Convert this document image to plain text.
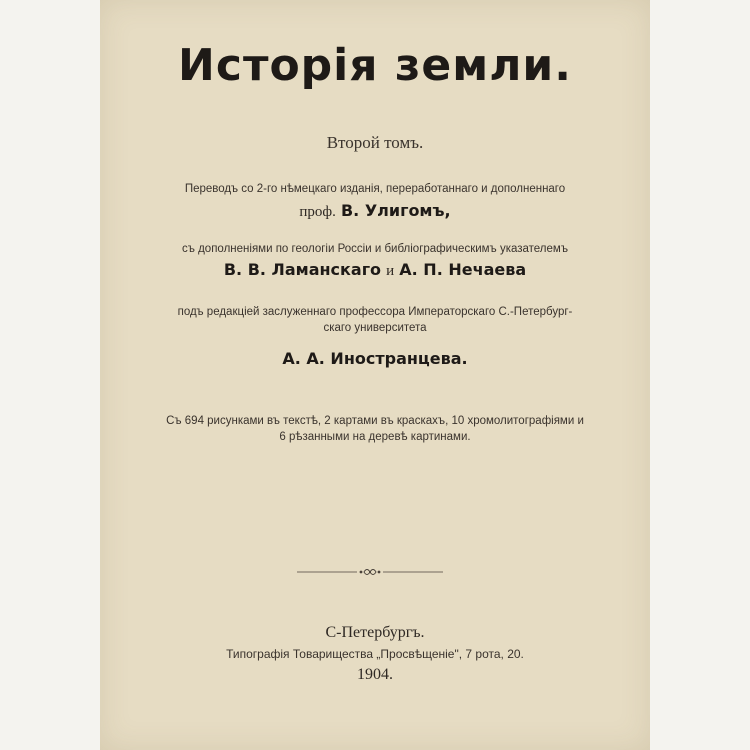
Исторія земли.
Второй томъ.
Переводъ со 2-го нѣмецкаго изданія, переработаннаго и дополненнаго
проф. В. Улигомъ,
съ дополненіями по геологіи Россіи и библіографическимъ указателемъ
В. В. Ламанскаго и А. П. Нечаева
подъ редакціей заслуженнаго профессора Императорскаго С.-Петербург-
скаго университета
А. А. Иностранцева.
Съ 694 рисунками въ текстѣ, 2 картами въ краскахъ, 10 хромолитографіями и
6 рѣзанными на деревѣ картинами.
С-Петербургъ.
Типографія Товарищества „Просвѣщеніе", 7 рота, 20.
1904.
